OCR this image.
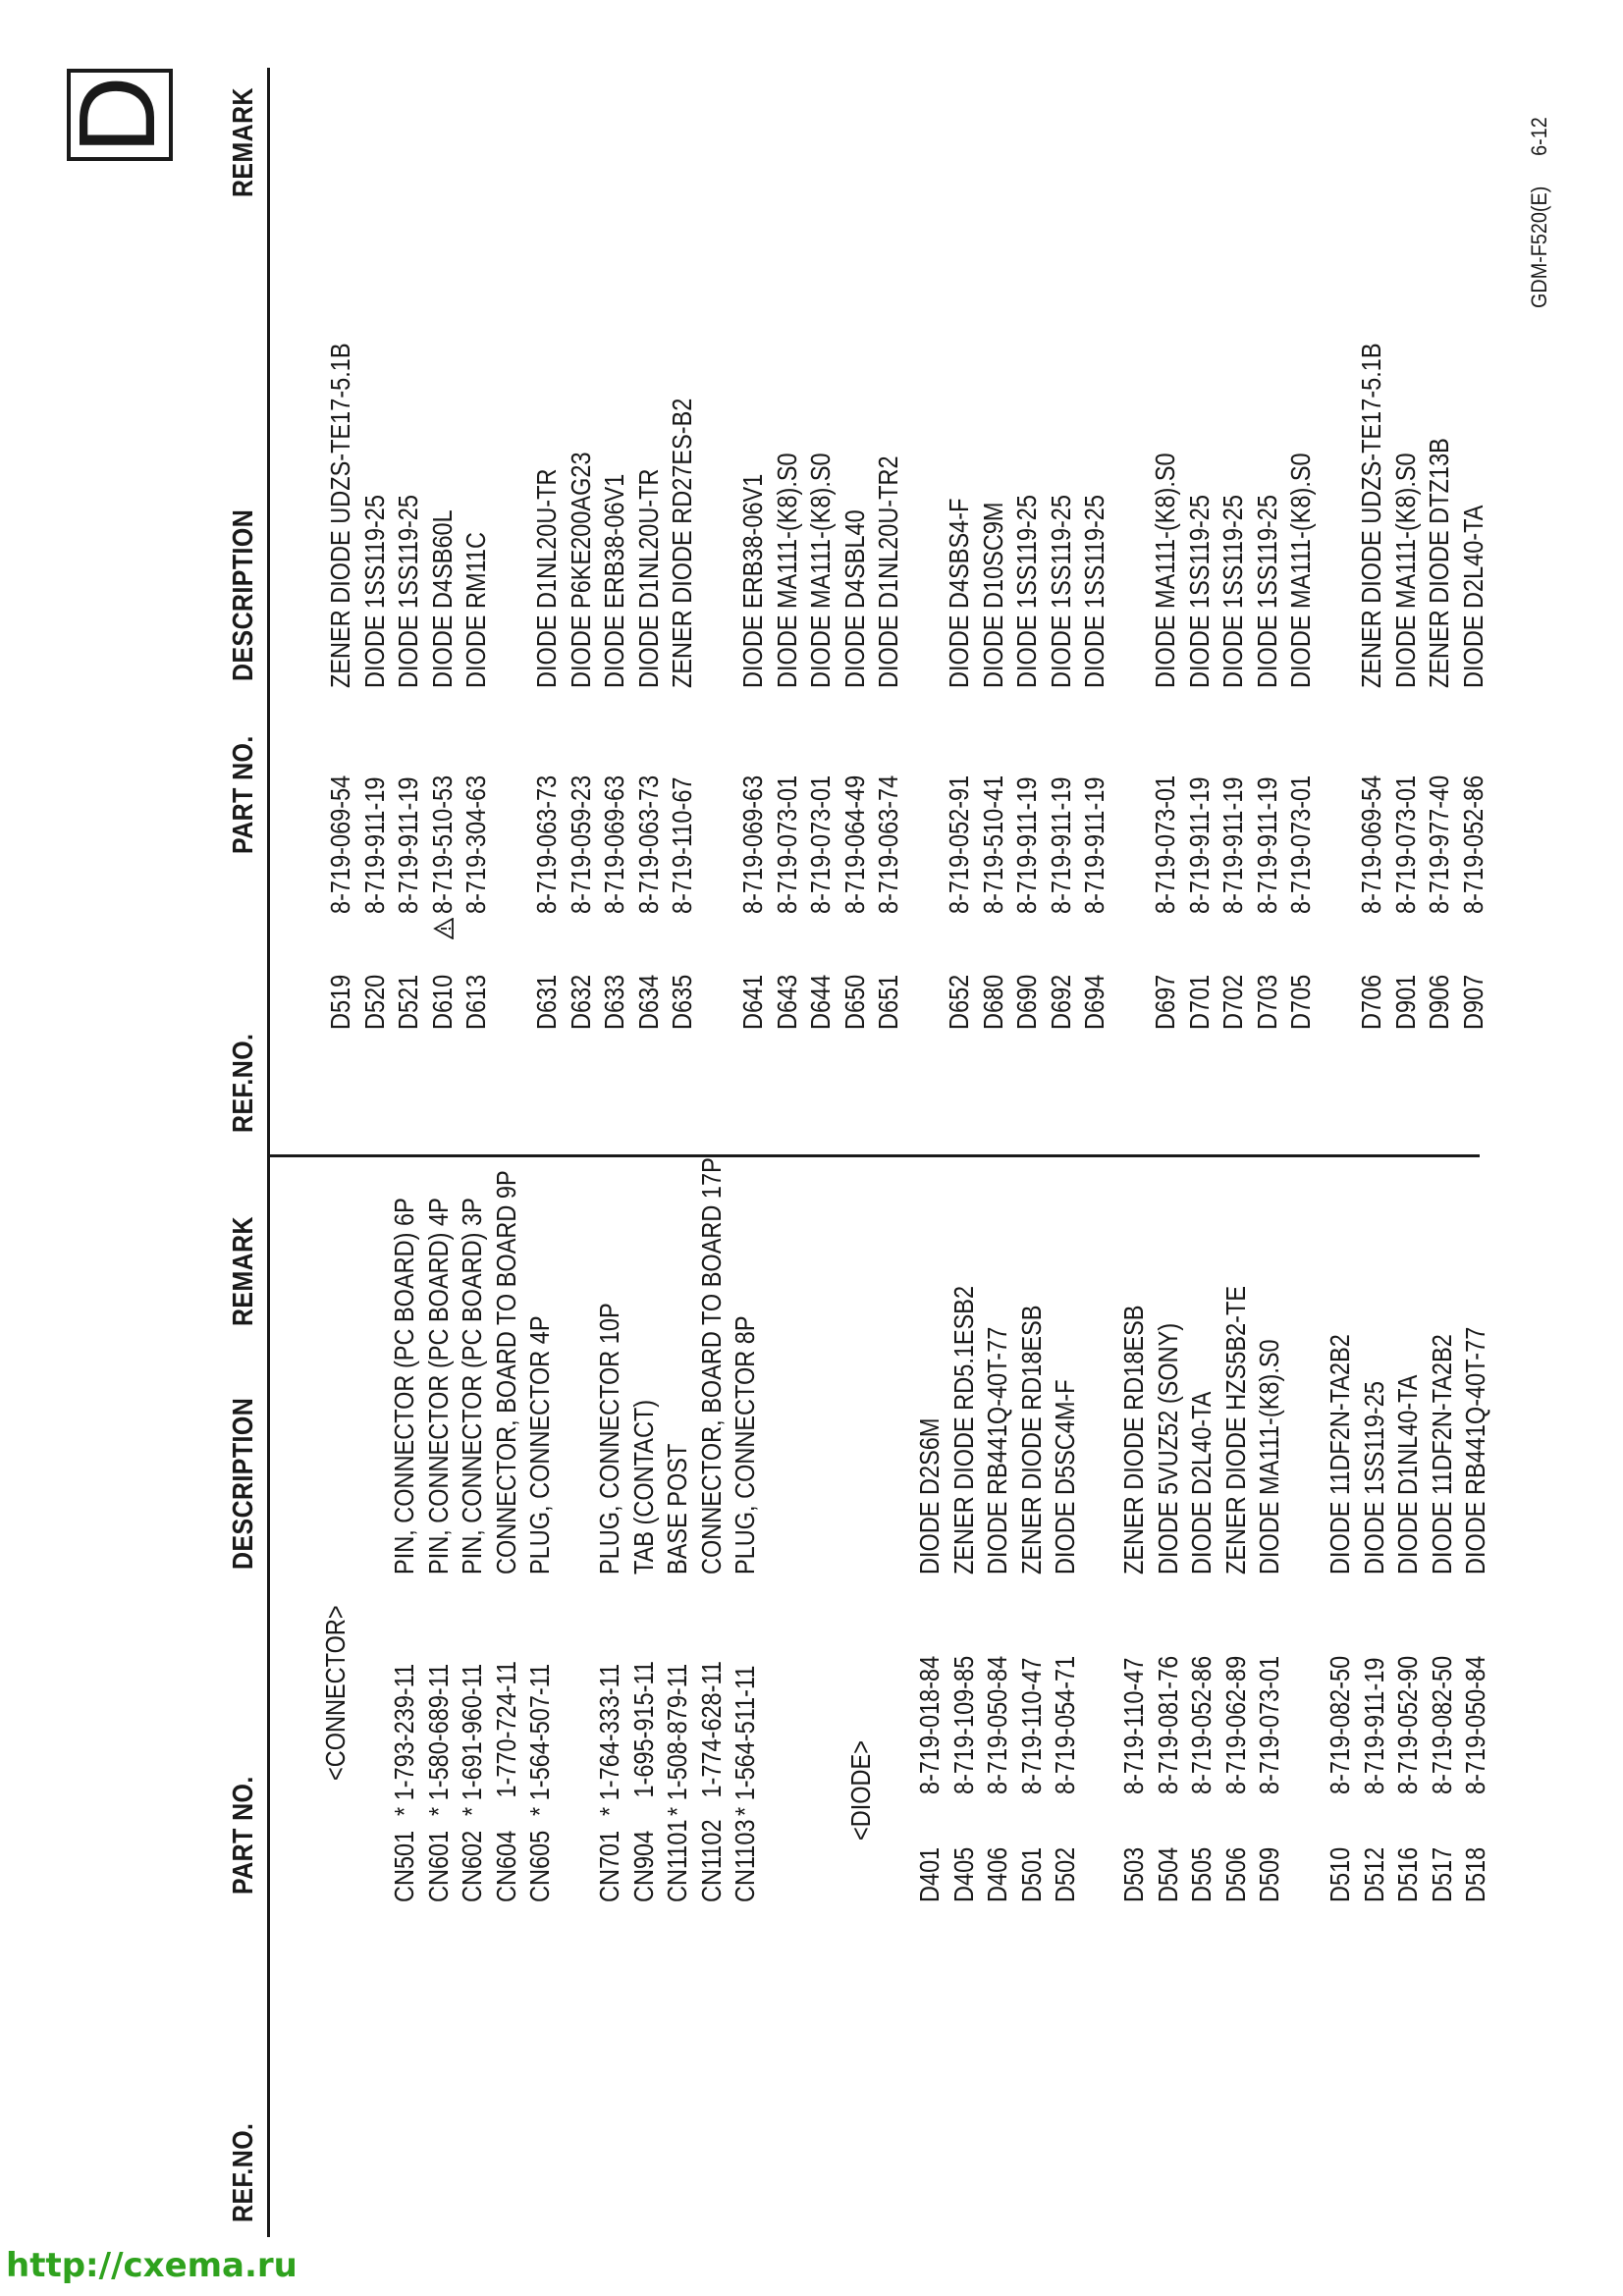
D
REF.NO.
PART NO.
DESCRIPTION
REMARK
REF.NO.
PART NO.
DESCRIPTION
REMARK
<CONNECTOR>
CN501 CN601 CN602 CN604 CN605
* 1-793-239-11 * 1-580-689-11 * 1-691-960-11 1-770-724-11 * 1-564-507-11
PIN, CONNECTOR (PC BOARD) 6P PIN, CONNECTOR (PC BOARD) 4P PIN, CONNECTOR (PC BOARD) 3P CONNECTOR, BOARD TO BOARD 9P PLUG, CONNECTOR 4P
CN701 CN904 CN1101 CN1102 CN1103
* 1-764-333-11 1-695-915-11 * 1-508-879-11 1-774-628-11 * 1-564-511-11
PLUG, CONNECTOR 10P TAB (CONTACT) BASE POST CONNECTOR, BOARD TO BOARD 17P PLUG, CONNECTOR 8P
<DIODE>
D401 D405 D406 D501 D502
8-719-018-84 8-719-109-85 8-719-050-84 8-719-110-47 8-719-054-71
DIODE D2S6M ZENER DIODE RD5.1ESB2 DIODE RB441Q-40T-77 ZENER DIODE RD18ESB DIODE D5SC4M-F
D503 D504 D505 D506 D509
8-719-110-47 8-719-081-76 8-719-052-86 8-719-062-89 8-719-073-01
ZENER DIODE RD18ESB DIODE 5VUZ52 (SONY) DIODE D2L40-TA ZENER DIODE HZS5B2-TE DIODE MA111-(K8).S0
D510 D512 D516 D517 D518
8-719-082-50 8-719-911-19 8-719-052-90 8-719-082-50 8-719-050-84
DIODE 11DF2N-TA2B2 DIODE 1SS119-25 DIODE D1NL40-TA DIODE 11DF2N-TA2B2 DIODE RB441Q-40T-77
D519 D520 D521 D610 D613
8-719-069-54 8-719-911-19 8-719-911-19 8-719-510-53 8-719-304-63
ZENER DIODE UDZS-TE17-5.1B DIODE 1SS119-25 DIODE 1SS119-25 DIODE D4SB60L DIODE RM11C
D631 D632 D633 D634 D635
8-719-063-73 8-719-059-23 8-719-069-63 8-719-063-73 8-719-110-67
DIODE D1NL20U-TR DIODE P6KE200AG23 DIODE ERB38-06V1 DIODE D1NL20U-TR ZENER DIODE RD27ES-B2
D641 D643 D644 D650 D651
8-719-069-63 8-719-073-01 8-719-073-01 8-719-064-49 8-719-063-74
DIODE ERB38-06V1 DIODE MA111-(K8).S0 DIODE MA111-(K8).S0 DIODE D4SBL40 DIODE D1NL20U-TR2
D652 D680 D690 D692 D694
8-719-052-91 8-719-510-41 8-719-911-19 8-719-911-19 8-719-911-19
DIODE D4SBS4-F DIODE D10SC9M DIODE 1SS119-25 DIODE 1SS119-25 DIODE 1SS119-25
D697 D701 D702 D703 D705
8-719-073-01 8-719-911-19 8-719-911-19 8-719-911-19 8-719-073-01
DIODE MA111-(K8).S0 DIODE 1SS119-25 DIODE 1SS119-25 DIODE 1SS119-25 DIODE MA111-(K8).S0
D706 D901 D906 D907
8-719-069-54 8-719-073-01 8-719-977-40 8-719-052-86
ZENER DIODE UDZS-TE17-5.1B DIODE MA111-(K8).S0 ZENER DIODE DTZ13B DIODE D2L40-TA
GDM-F520(E)  6-12
http://cxema.ru
